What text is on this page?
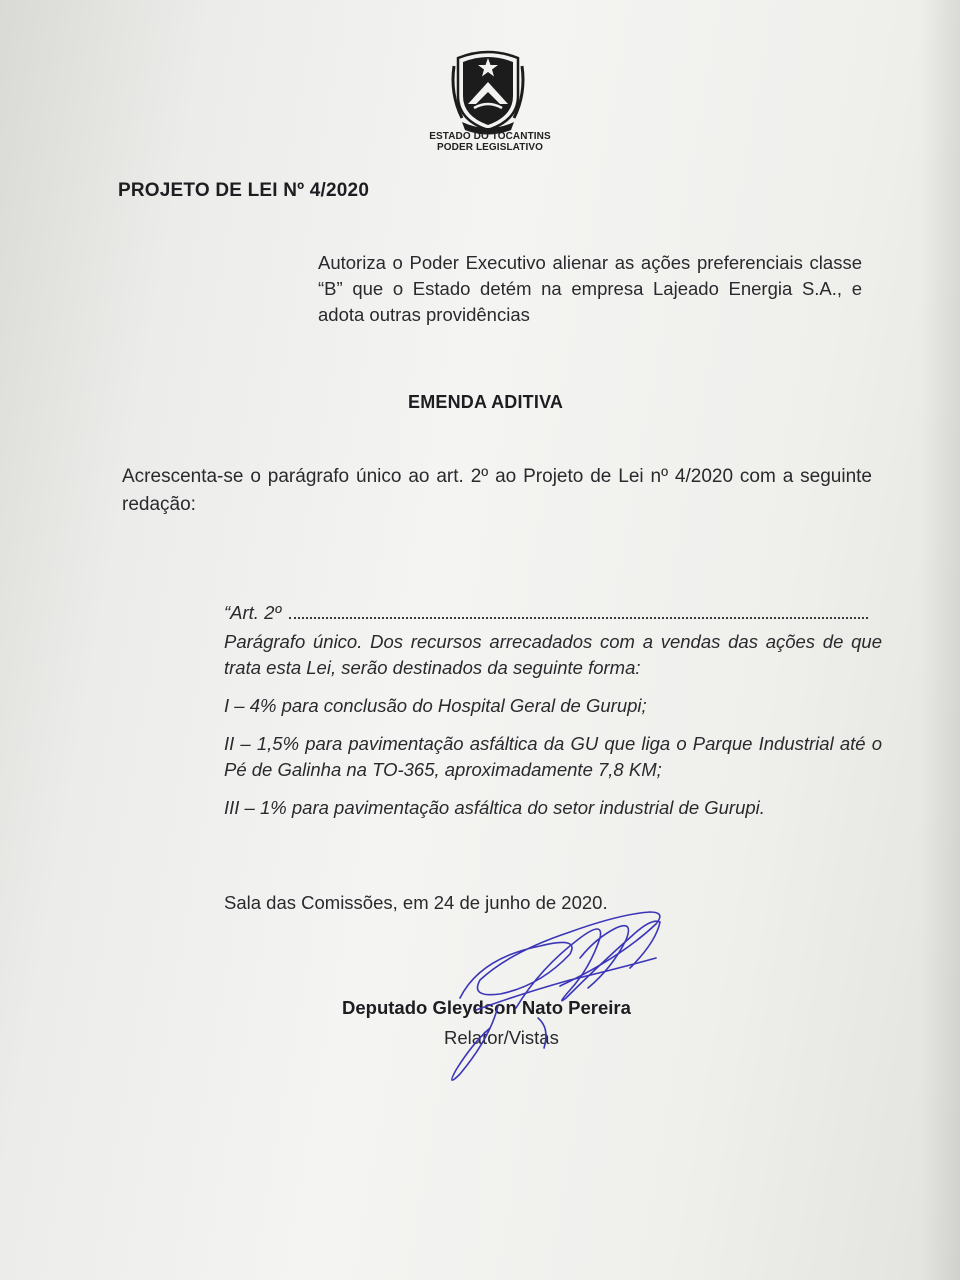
ESTADO DO TOCANTINS
PODER LEGISLATIVO
PROJETO DE LEI Nº 4/2020
Autoriza o Poder Executivo alienar as ações preferenciais classe “B” que o Estado detém na empresa Lajeado Energia S.A., e adota outras providências
EMENDA ADITIVA
Acrescenta-se o parágrafo único ao art. 2º ao Projeto de Lei nº 4/2020 com a seguinte redação:

“Art. 2º

Parágrafo único. Dos recursos arrecadados com a vendas das ações de que trata esta Lei, serão destinados da seguinte forma:

I – 4% para conclusão do Hospital Geral de Gurupi;

II – 1,5% para pavimentação asfáltica da GU que liga o Parque Industrial até o Pé de Galinha na TO-365, aproximadamente 7,8 KM;

III – 1% para pavimentação asfáltica do setor industrial de Gurupi.

Sala das Comissões, em 24 de junho de 2020.
Deputado Gleydson Nato Pereira
Relator/Vistas
